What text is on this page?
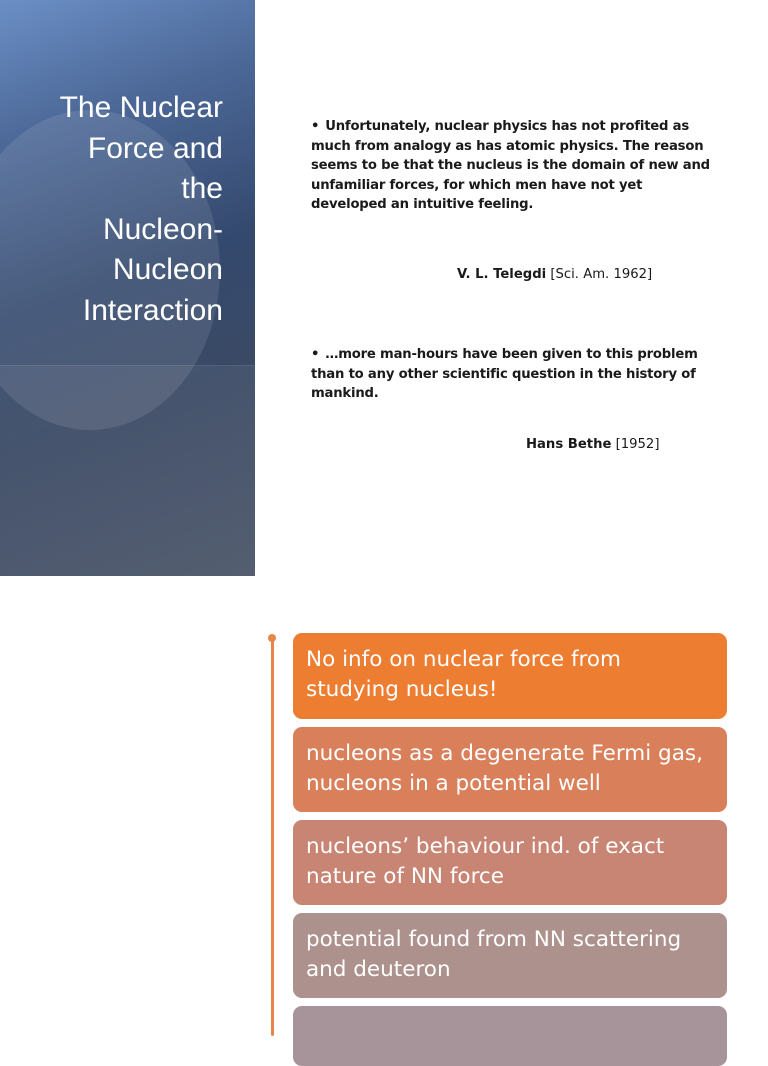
The Nuclear
Force and
the
Nucleon-
Nucleon
Interaction
• Unfortunately, nuclear physics has not profited as much from analogy as has atomic physics. The reason seems to be that the nucleus is the domain of new and unfamiliar forces, for which men have not yet developed an intuitive feeling.
V. L. Telegdi [Sci. Am. 1962]
• …more man-hours have been given to this problem than to any other scientific question in the history of mankind.
Hans Bethe [1952]
No info on nuclear force from studying nucleus!
nucleons as a degenerate Fermi gas, nucleons in a potential well
nucleons’ behaviour ind. of exact nature of NN force
potential found from NN scattering and deuteron
